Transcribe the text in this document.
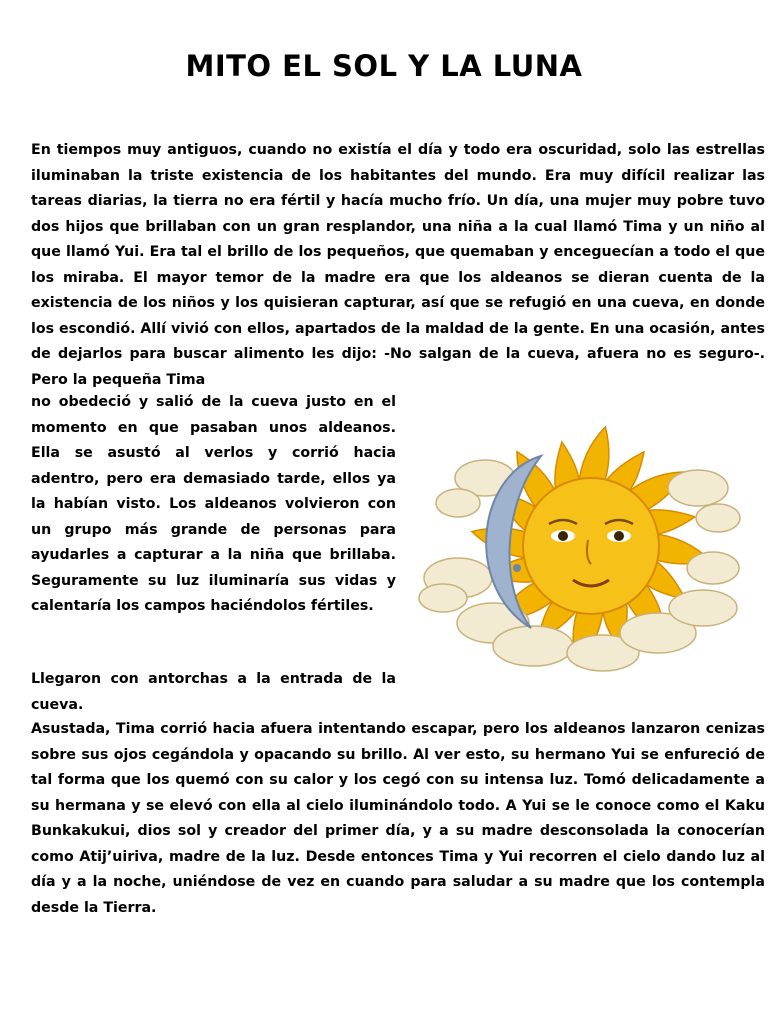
MITO EL SOL Y LA LUNA

En tiempos muy antiguos, cuando no existía el día y todo era oscuridad, solo las estrellas iluminaban la triste existencia de los habitantes del mundo. Era muy difícil realizar las tareas diarias, la tierra no era fértil y hacía mucho frío. Un día, una mujer muy pobre tuvo dos hijos que brillaban con un gran resplandor, una niña a la cual llamó Tima y un niño al que llamó Yui. Era tal el brillo de los pequeños, que quemaban y enceguecían a todo el que los miraba. El mayor temor de la madre era que los aldeanos se dieran cuenta de la existencia de los niños y los quisieran capturar, así que se refugió en una cueva, en donde los escondió. Allí vivió con ellos, apartados de la maldad de la gente. En una ocasión, antes de dejarlos para buscar alimento les dijo: -No salgan de la cueva, afuera no es seguro-. Pero la pequeña Tima

no obedeció y salió de la cueva justo en el momento en que pasaban unos aldeanos. Ella se asustó al verlos y corrió hacia adentro, pero era demasiado tarde, ellos ya la habían visto. Los aldeanos volvieron con un grupo más grande de personas para ayudarles a capturar a la niña que brillaba. Seguramente su luz iluminaría sus vidas y calentaría los campos haciéndolos fértiles.

Llegaron con antorchas a la entrada de la cueva.

Asustada, Tima corrió hacia afuera intentando escapar, pero los aldeanos lanzaron cenizas sobre sus ojos cegándola y opacando su brillo. Al ver esto, su hermano Yui se enfureció de tal forma que los quemó con su calor y los cegó con su intensa luz. Tomó delicadamente a su hermana y se elevó con ella al cielo iluminándolo todo. A Yui se le conoce como el Kaku Bunkakukui, dios sol y creador del primer día, y a su madre desconsolada la conocerían como Atij’uiriva, madre de la luz. Desde entonces Tima y Yui recorren el cielo dando luz al día y a la noche, uniéndose de vez en cuando para saludar a su madre que los contempla desde la Tierra.
